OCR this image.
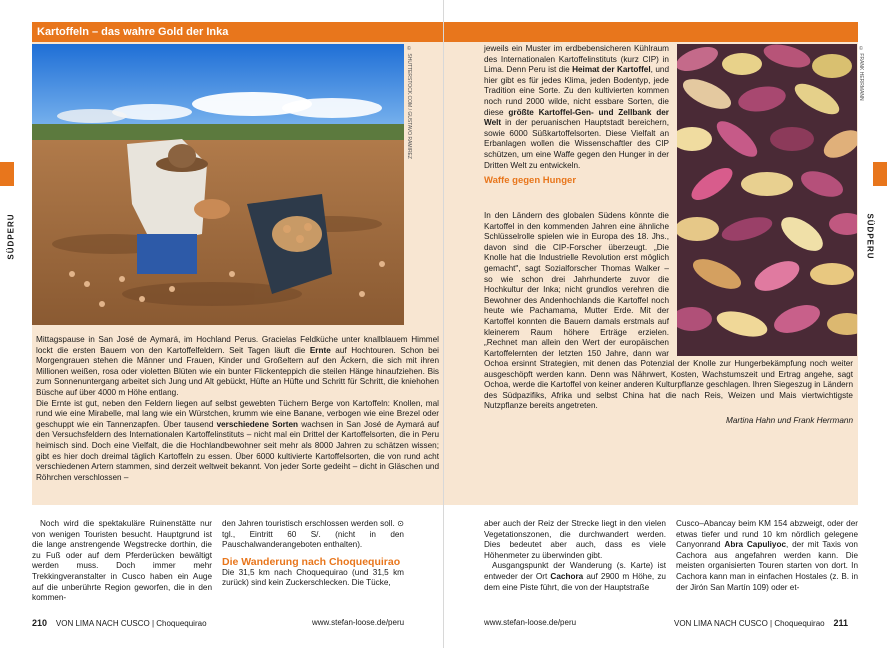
Kartoffeln – das wahre Gold der Inka
© SHUTTERSTOCK.COM / GUSTAVO RAMIREZ
Mittagspause in San José de Aymará, im Hochland Perus. Gracielas Feldküche unter knallblauem Himmel lockt die ersten Bauern von den Kartoffelfeldern. Seit Tagen läuft die Ernte auf Hochtouren. Schon bei Morgengrauen stehen die Männer und Frauen, Kinder und Großeltern auf den Äckern, die sich mit ihren Millionen weißen, rosa oder violetten Blüten wie ein bunter Flickenteppich die steilen Hänge hinaufziehen. Bis zum Sonnenuntergang arbeitet sich Jung und Alt gebückt, Hüfte an Hüfte und Schritt für Schritt, die kniehohen Büsche auf über 4000 m Höhe entlang.
Die Ernte ist gut, neben den Feldern liegen auf selbst gewebten Tüchern Berge von Kartoffeln: Knollen, mal rund wie eine Mirabelle, mal lang wie ein Würstchen, krumm wie eine Banane, verbogen wie eine Brezel oder geschuppt wie ein Tannenzapfen. Über tausend verschiedene Sorten wachsen in San José de Aymará auf den Versuchsfeldern des Internationalen Kartoffelinstituts – nicht mal ein Drittel der Kartoffelsorten, die in Peru heimisch sind. Doch eine Vielfalt, die die Hochlandbewohner seit mehr als 8000 Jahren zu schätzen wissen; gibt es hier doch dreimal täglich Kartoffeln zu essen. Über 6000 kultivierte Kartoffelsorten, die von rund acht verschiedenen Artern stammen, sind derzeit weltweit bekannt. Von jeder Sorte gedeiht – dicht in Gläschen und Röhrchen verschlossen –
Noch wird die spektakuläre Ruinenstätte nur von wenigen Touristen besucht. Hauptgrund ist die lange anstrengende Wegstrecke dorthin, die zu Fuß oder auf dem Pferderücken bewältigt werden muss. Doch immer mehr Trekkingveranstalter in Cusco haben ein Auge auf die unberührte Region geworfen, die in den kommen-
den Jahren touristisch erschlossen werden soll. ⊙ tgl., Eintritt 60 S/. (nicht in den Pauschalwanderangeboten enthalten).
Die Wanderung nach Choquequirao
Die 31,5 km nach Choquequirao (und 31,5 km zurück) sind kein Zuckerschlecken. Die Tücke,
SÜDPERU
210 VON LIMA NACH CUSCO | Choquequirao	www.stefan-loose.de/peru
jeweils ein Muster im erdbebensicheren Kühlraum des Internationalen Kartoffelinstituts (kurz CIP) in Lima. Denn Peru ist die Heimat der Kartoffel, und hier gibt es für jedes Klima, jeden Bodentyp, jede Tradition eine Sorte. Zu den kultivierten kommen noch rund 2000 wilde, nicht essbare Sorten, die diese größte Kartoffel-Gen- und Zellbank der Welt in der peruanischen Hauptstadt bereichern, sowie 6000 Süßkartoffelsorten. Diese Vielfalt an Erbanlagen wollen die Wissenschaftler des CIP schützen, um eine Waffe gegen den Hunger in der Dritten Welt zu entwickeln.
Waffe gegen Hunger
© FRANK HERRMANN
In den Ländern des globalen Südens könnte die Kartoffel in den kommenden Jahren eine ähnliche Schlüsselrolle spielen wie in Europa des 18. Jhs., davon sind die CIP-Forscher überzeugt. „Die Knolle hat die Industrielle Revolution erst möglich gemacht", sagt Sozialforscher Thomas Walker – so wie schon drei Jahrhunderte zuvor die Hochkultur der Inka; nicht grundlos verehren die Bewohner des Andenhochlands die Kartoffel noch heute wie Pachamama, Mutter Erde. Mit der Kartoffel konnten die Bauern damals erstmals auf kleinerem Raum höhere Erträge erzielen. „Rechnet man allein den Wert der europäischen Kartoffelernten der letzten 150 Jahre, dann war
Ochoa ersinnt Strategien, mit denen das Potenzial der Knolle zur Hungerbekämpfung noch weiter ausgeschöpft werden kann. Denn was Nährwert, Kosten, Wachstumszeit und Ertrag angehe, sagt Ochoa, werde die Kartoffel von keiner anderen Kulturpflanze geschlagen. Ihren Siegeszug in Ländern des Südpazifiks, Afrika und selbst China hat die nach Reis, Weizen und Mais viertwichtigste Nutzpflanze bereits angetreten.
Martina Hahn und Frank Herrmann
aber auch der Reiz der Strecke liegt in den vielen Vegetationszonen, die durchwandert werden. Dies bedeutet aber auch, dass es viele Höhenmeter zu überwinden gibt.
Ausgangspunkt der Wanderung (s. Karte) ist entweder der Ort Cachora auf 2900 m Höhe, zu dem eine Piste führt, die von der Hauptstraße
Cusco–Abancay beim KM 154 abzweigt, oder der etwas tiefer und rund 10 km nördlich gelegene Canyonrand Abra Capuliyoc, der mit Taxis von Cachora aus angefahren werden kann. Die meisten organisierten Touren starten von dort. In Cachora kann man in einfachen Hostales (z. B. in der Jirón San Martín 109) oder et-
SÜDPERU
www.stefan-loose.de/peru	VON LIMA NACH CUSCO | Choquequirao 211
